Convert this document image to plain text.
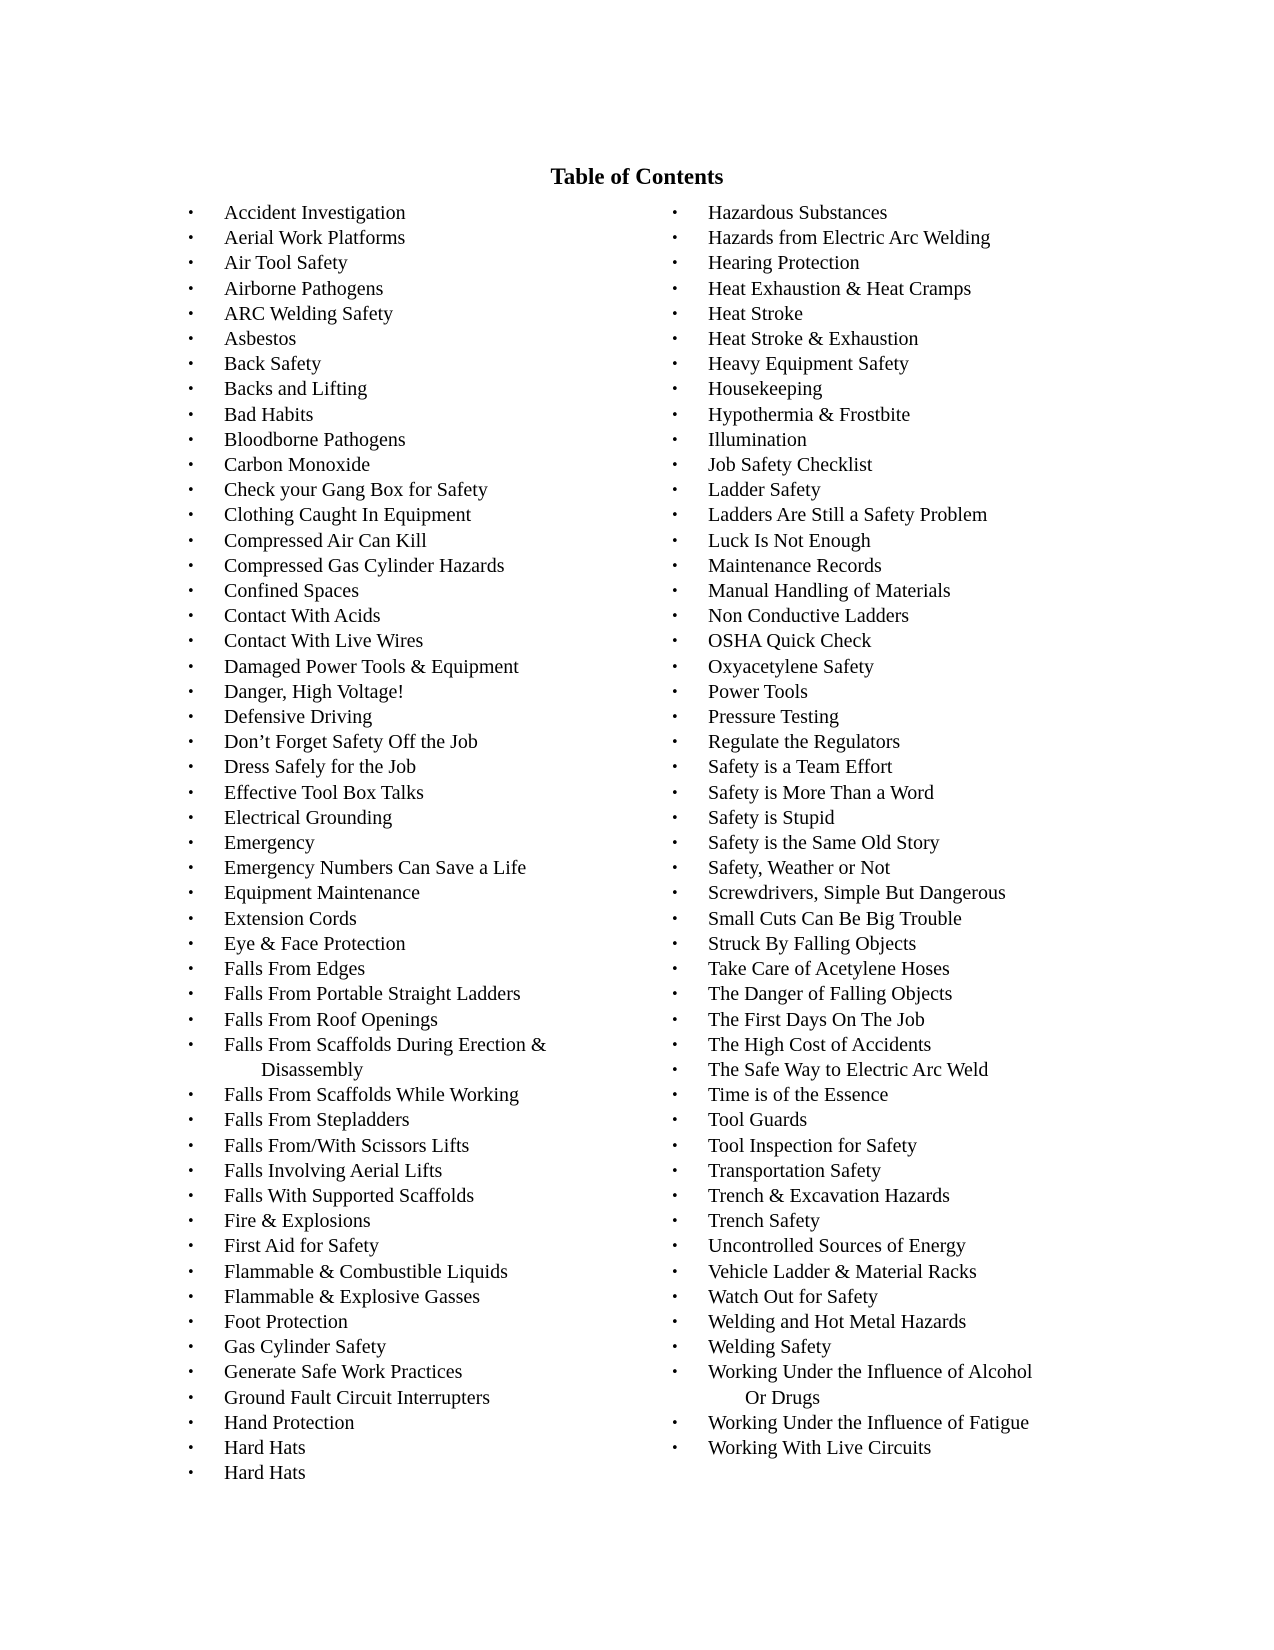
Table of Contents
• Accident Investigation
• Aerial Work Platforms
• Air Tool Safety
• Airborne Pathogens
• ARC Welding Safety
• Asbestos
• Back Safety
• Backs and Lifting
• Bad Habits
• Bloodborne Pathogens
• Carbon Monoxide
• Check your Gang Box for Safety
• Clothing Caught In Equipment
• Compressed Air Can Kill
• Compressed Gas Cylinder Hazards
• Confined Spaces
• Contact With Acids
• Contact With Live Wires
• Damaged Power Tools & Equipment
• Danger, High Voltage!
• Defensive Driving
• Don’t Forget Safety Off the Job
• Dress Safely for the Job
• Effective Tool Box Talks
• Electrical Grounding
• Emergency
• Emergency Numbers Can Save a Life
• Equipment Maintenance
• Extension Cords
• Eye & Face Protection
• Falls From Edges
• Falls From Portable Straight Ladders
• Falls From Roof Openings
• Falls From Scaffolds During Erection &
Disassembly
• Falls From Scaffolds While Working
• Falls From Stepladders
• Falls From/With Scissors Lifts
• Falls Involving Aerial Lifts
• Falls With Supported Scaffolds
• Fire & Explosions
• First Aid for Safety
• Flammable & Combustible Liquids
• Flammable & Explosive Gasses
• Foot Protection
• Gas Cylinder Safety
• Generate Safe Work Practices
• Ground Fault Circuit Interrupters
• Hand Protection
• Hard Hats
• Hard Hats
• Hazardous Substances
• Hazards from Electric Arc Welding
• Hearing Protection
• Heat Exhaustion & Heat Cramps
• Heat Stroke
• Heat Stroke & Exhaustion
• Heavy Equipment Safety
• Housekeeping
• Hypothermia & Frostbite
• Illumination
• Job Safety Checklist
• Ladder Safety
• Ladders Are Still a Safety Problem
• Luck Is Not Enough
• Maintenance Records
• Manual Handling of Materials
• Non Conductive Ladders
• OSHA Quick Check
• Oxyacetylene Safety
• Power Tools
• Pressure Testing
• Regulate the Regulators
• Safety is a Team Effort
• Safety is More Than a Word
• Safety is Stupid
• Safety is the Same Old Story
• Safety, Weather or Not
• Screwdrivers, Simple But Dangerous
• Small Cuts Can Be Big Trouble
• Struck By Falling Objects
• Take Care of Acetylene Hoses
• The Danger of Falling Objects
• The First Days On The Job
• The High Cost of Accidents
• The Safe Way to Electric Arc Weld
• Time is of the Essence
• Tool Guards
• Tool Inspection for Safety
• Transportation Safety
• Trench & Excavation Hazards
• Trench Safety
• Uncontrolled Sources of Energy
• Vehicle Ladder & Material Racks
• Watch Out for Safety
• Welding and Hot Metal Hazards
• Welding Safety
• Working Under the Influence of Alcohol
Or Drugs
• Working Under the Influence of Fatigue
• Working With Live Circuits
